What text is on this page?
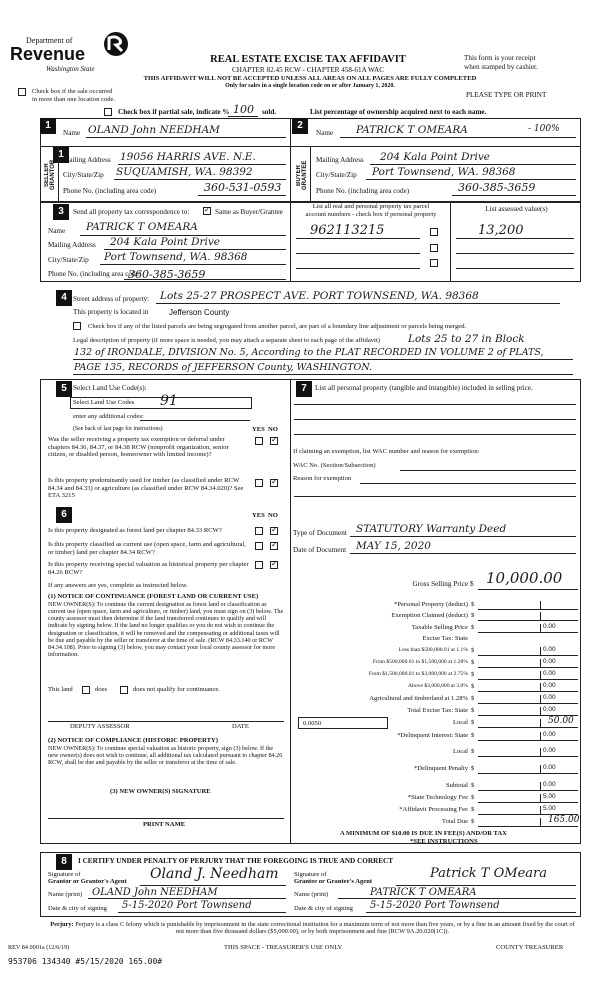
Department of
Revenue
Washington State
REAL ESTATE EXCISE TAX AFFIDAVIT
CHAPTER 82.45 RCW - CHAPTER 458-61A WAC
THIS AFFIDAVIT WILL NOT BE ACCEPTED UNLESS ALL AREAS ON ALL PAGES ARE FULLY COMPLETED
Only for sales in a single location code on or after January 1, 2020.
This form is your receipt
when stamped by cashier.
Check box if the sale occurred
in more than one location code.
PLEASE TYPE OR PRINT
Check box if partial sale, indicate % 100 sold.	List percentage of ownership acquired next to each name.
1
SELLER GRANTOR
1
Name OLAND John NEEDHAM
Mailing Address 19056 HARRIS AVE. N.E.
City/State/Zip SUQUAMISH, WA. 98392
Phone No. (including area code)	360-531-0593
2
BUYER GRANTEE
Name PATRICK T OMEARA	- 100%
Mailing Address 204 Kala Point Drive
City/State/Zip Port Townsend, WA. 98368
Phone No. (including area code)	360-385-3659
3	Send all property tax correspondence to: ✓	Same as Buyer/Grantee
List all real and personal property tax parcel
account numbers - check box if personal property
List assessed value(s)
Name PATRICK T OMEARA
Mailing Address 204 Kala Point Drive
City/State/Zip Port Townsend, WA. 98368
Phone No. (including area code)
360-385-3659
962113215	13,200
4 Street address of property: Lots 25-27 PROSPECT AVE. PORT TOWNSEND, WA. 98368
This property is located in	Jefferson County
Check box if any of the listed parcels are being segregated from another parcel, are part of a boundary line adjustment or parcels being merged.
Legal description of property (if more space is needed, you may attach a separate sheet to each page of the affidavit)	Lots 25 to 27 in Block
132 of IRONDALE, DIVISION No. 5, According to the PLAT RECORDED IN VOLUME 2 of PLATS,
PAGE 135, RECORDS of JEFFERSON County, WASHINGTON.
5 Select Land Use Code(s):
Select Land Use Codes 91
enter any additional codes:
(See back of last page for instructions)	YES NO
Was the seller receiving a property tax exemption or deferral under chapters 84.36, 84.37, or 84.38 RCW (nonprofit organization, senior citizen, or disabled person, homeowner with limited income)?
✓
Is this property predominantly used for timber (as classified under RCW 84.34 and 84.33) or agriculture (as classified under RCW 84.34.020)? See ETA 3215
✓
6	YES NO
Is this property designated as forest land per chapter 84.33 RCW?
✓
Is this property classified as current use (open space, farm and agricultural, or timber) land per chapter 84.34 RCW?
✓
Is this property receiving special valuation as historical property per chapter 84.26 RCW?
✓
If any answers are yes, complete as instructed below.
(1) NOTICE OF CONTINUANCE (FOREST LAND OR CURRENT USE)
NEW OWNER(S): To continue the current designation as forest land or classification as current use (open space, farm and agriculture, or timber) land, you must sign on (3) below. The county assessor must then determine if the land transferred continues to qualify and will indicate by signing below. If the land no longer qualifies or you do not wish to continue the designation or classification, it will be removed and the compensating or additional taxes will be due and payable by the seller or transferor at the time of sale. (RCW 84.33.140 or RCW 84.34.108). Prior to signing (3) below, you may contact your local county assessor for more information.
This land	does	does not qualify for continuance.
DEPUTY ASSESSOR	DATE
(2) NOTICE OF COMPLIANCE (HISTORIC PROPERTY)
NEW OWNER(S): To continue special valuation as historic property, sign (3) below. If the new owner(s) does not wish to continue, all additional tax calculated pursuant to chapter 84.26 RCW, shall be due and payable by the seller or transferor at the time of sale.
(3) NEW OWNER(S) SIGNATURE
PRINT NAME
7	List all personal property (tangible and intangible) included in selling price.
If claiming an exemption, list WAC number and reason for exemption:
WAC No. (Section/Subsection)
Reason for exemption
Type of Document STATUTORY Warranty Deed
Date of Document MAY 15, 2020
Gross Selling Price $ 10,000.00
*Personal Property (deduct) $
Exemption Claimed (deduct) $
Taxable Selling Price $	0.00
Excise Tax: State
Less than $500,000.01 at 1.1% $	0.00
From $500,000.01 to $1,500,000 at 1.28% $	0.00
From $1,500,000.01 to $3,000,000 at 2.75% $	0.00
Above $3,000,000 at 3.0% $	0.00
Agricultural and timberland at 1.28% $	0.00
Total Excise Tax: State $	0.00
Local $	50.00
0.0050
*Delinquent Interest: State $	0.00
Local $	0.00
*Delinquent Penalty $	0.00
Subtotal $	0.00
*State Technology Fee $	5.00
*Affidavit Processing Fee $	5.00
Total Due $	165.00
A MINIMUM OF $10.00 IS DUE IN FEE(S) AND/OR TAX
*SEE INSTRUCTIONS
8	I CERTIFY UNDER PENALTY OF PERJURY THAT THE FOREGOING IS TRUE AND CORRECT
Signature of
Grantor or Grantor's Agent Oland J. Needham
Name (print) OLAND John NEEDHAM
Date & city of signing 5-15-2020 Port Townsend
Signature of
Grantee or Grantee's Agent
Patrick T OMeara
Name (print)	PATRICK T OMEARA
Date & city of signing 5-15-2020 Port Townsend
Perjury: Perjury is a class C felony which is punishable by imprisonment in the state correctional institution for a maximum term of not more than five years, or by a fine in an amount fixed by the court of not more than five thousand dollars ($5,000.00), or by both imprisonment and fine (RCW 9A.20.020(1C)).
REV 84 0001a (12/6/19)	THIS SPACE - TREASURER'S USE ONLY	COUNTY TREASURER
953706 134340 #5/15/2020 165.00#
